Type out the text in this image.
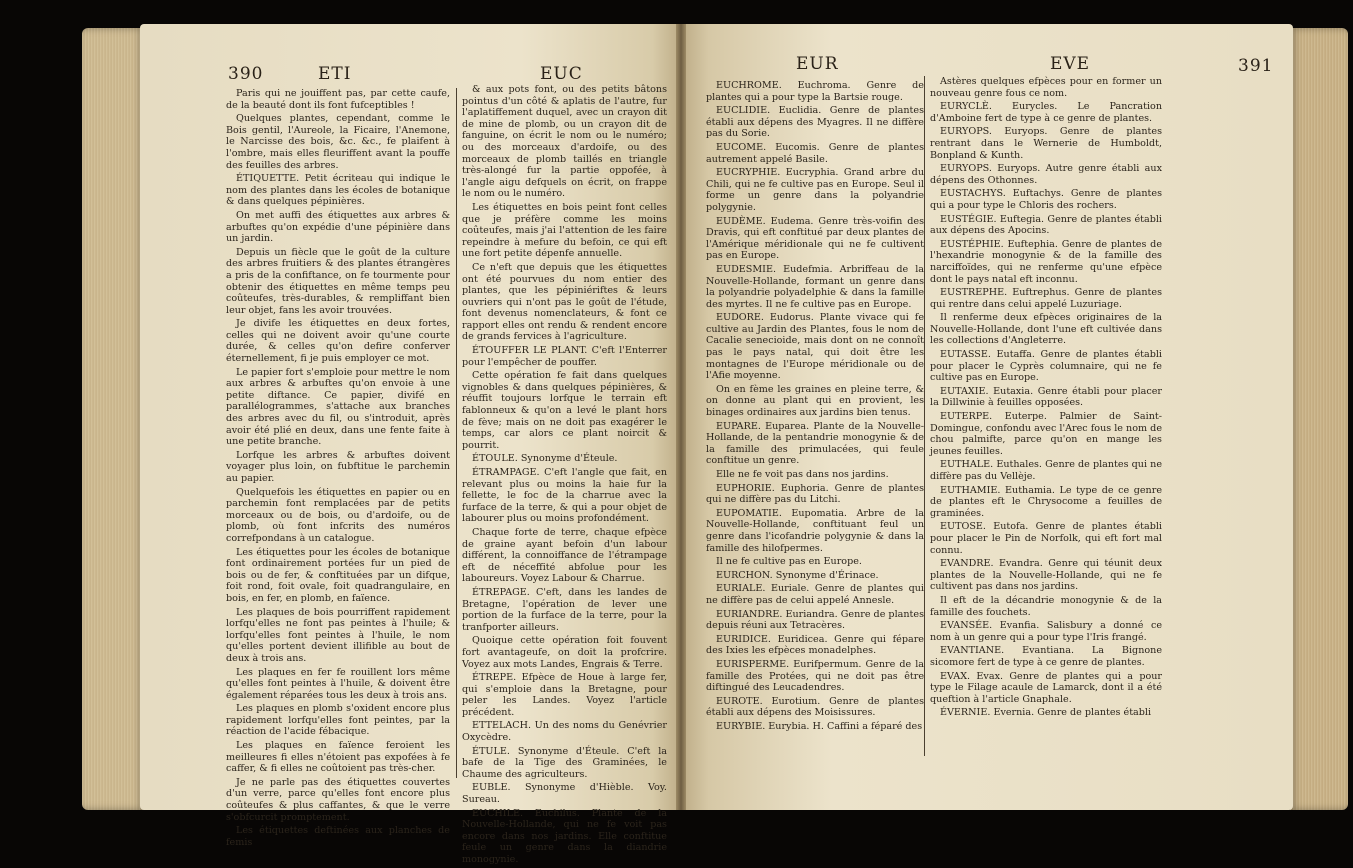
390	ETI	EUC

Paris qui ne jouiffent pas, par cette caufe, de la beauté dont ils font fufceptibles !

Quelques plantes, cependant, comme le Bois gentil, l'Aureole, la Ficaire, l'Anemone, le Narcisse des bois, &c. &c., fe plaifent à l'ombre, mais elles fleuriffent avant la pouffe des feuilles des arbres.

ÉTIQUETTE. Petit écriteau qui indique le nom des plantes dans les écoles de botanique & dans quelques pépinières.

On met auffi des étiquettes aux arbres & arbuftes qu'on expédie d'une pépinière dans un jardin.

Depuis un fiècle que le goût de la culture des arbres fruitiers & des plantes étrangères a pris de la confiftance, on fe tourmente pour obtenir des étiquettes en même temps peu coûteufes, très-durables, & rempliffant bien leur objet, fans les avoir trouvées.

Je divife les étiquettes en deux fortes, celles qui ne doivent avoir qu'une courte durée, & celles qu'on defire conferver éternellement, fi je puis employer ce mot.

Le papier fort s'emploie pour mettre le nom aux arbres & arbuftes qu'on envoie à une petite diftance. Ce papier, divifé en parallélogrammes, s'attache aux branches des arbres avec du fil, ou s'introduit, après avoir été plié en deux, dans une fente faite à une petite branche.

Lorfque les arbres & arbuftes doivent voyager plus loin, on fubftitue le parchemin au papier.

Quelquefois les étiquettes en papier ou en parchemin font remplacées par de petits morceaux ou de bois, ou d'ardoife, ou de plomb, où font infcrits des numéros correfpondans à un catalogue.

Les étiquettes pour les écoles de botanique font ordinairement portées fur un pied de bois ou de fer, & conftituées par un difque, foit rond, foit ovale, foit quadrangulaire, en bois, en fer, en plomb, en faïence.

Les plaques de bois pourriffent rapidement lorfqu'elles ne font pas peintes à l'huile; & lorfqu'elles font peintes à l'huile, le nom qu'elles portent devient illifible au bout de deux à trois ans.

Les plaques en fer fe rouillent lors même qu'elles font peintes à l'huile, & doivent être également réparées tous les deux à trois ans.

Les plaques en plomb s'oxident encore plus rapidement lorfqu'elles font peintes, par la réaction de l'acide fébacique.

Les plaques en faïence feroient les meilleures fi elles n'étoient pas expofées à fe caffer, & fi elles ne coûtoient pas très-cher.

Je ne parle pas des étiquettes couvertes d'un verre, parce qu'elles font encore plus coûteufes & plus caffantes, & que le verre s'obfcurcit promptement.

Les étiquettes deftinées aux planches de femis

& aux pots font, ou des petits bâtons pointus d'un côté & aplatis de l'autre, fur l'aplatiffement duquel, avec un crayon dit de mine de plomb, ou un crayon dit de fanguine, on écrit le nom ou le numéro; ou des morceaux d'ardoife, ou des morceaux de plomb taillés en triangle très-alongé fur la partie oppofée, à l'angle aigu defquels on écrit, on frappe le nom ou le numéro.

Les étiquettes en bois peint font celles que je préfère comme les moins coûteufes, mais j'ai l'attention de les faire repeindre à mefure du befoin, ce qui eft une fort petite dépenfe annuelle.

Ce n'eft que depuis que les étiquettes ont été pourvues du nom entier des plantes, que les pépiniériftes & leurs ouvriers qui n'ont pas le goût de l'étude, font devenus nomenclateurs, & font ce rapport elles ont rendu & rendent encore de grands fervices à l'agriculture.

ÉTOUFFER LE PLANT. C'eft l'Enterrer pour l'empêcher de pouffer.

Cette opération fe fait dans quelques vignobles & dans quelques pépinières, & réuffit toujours lorfque le terrain eft fablonneux & qu'on a levé le plant hors de fève; mais on ne doit pas exagérer le temps, car alors ce plant noircit & pourrit.

ÉTOULE. Synonyme d'Éteule.

ÉTRAMPAGE. C'eft l'angle que fait, en relevant plus ou moins la haie fur la fellette, le foc de la charrue avec la furface de la terre, & qui a pour objet de labourer plus ou moins profondément.

Chaque forte de terre, chaque efpèce de graine ayant befoin d'un labour différent, la connoiffance de l'étrampage eft de néceffité abfolue pour les laboureurs. Voyez Labour & Charrue.

ÉTREPAGE. C'eft, dans les landes de Bretagne, l'opération de lever une portion de la furface de la terre, pour la tranfporter ailleurs.

Quoique cette opération foit fouvent fort avantageufe, on doit la profcrire. Voyez aux mots Landes, Engrais & Terre.

ÉTREPE. Efpèce de Houe à large fer, qui s'emploie dans la Bretagne, pour peler les Landes. Voyez l'article précédent.

ETTELACH. Un des noms du Genévrier Oxycèdre.

ÉTULE. Synonyme d'Éteule. C'eft la bafe de la Tige des Graminées, le Chaume des agriculteurs.

EUBLE. Synonyme d'Hièble. Voy. Sureau.

EUCHILE. Euchilus. Plante de la Nouvelle-Hollande, qui ne fe voit pas encore dans nos jardins. Elle conftitue feule un genre dans la diandrie monogynie.

EUR	EVE	391

EUCHROME. Euchroma. Genre de plantes qui a pour type la Bartsie rouge.

EUCLIDIE. Euclidia. Genre de plantes établi aux dépens des Myagres. Il ne diffère pas du Sorie.

EUCOME. Eucomis. Genre de plantes autrement appelé Basile.

EUCRYPHIE. Eucryphia. Grand arbre du Chili, qui ne fe cultive pas en Europe. Seul il forme un genre dans la polyandrie polygynie.

EUDÈME. Eudema. Genre très-voifin des Dravis, qui eft conftitué par deux plantes de l'Amérique méridionale qui ne fe cultivent pas en Europe.

EUDESMIE. Eudefmia. Arbriffeau de la Nouvelle-Hollande, formant un genre dans la polyandrie polyadelphie & dans la famille des myrtes. Il ne fe cultive pas en Europe.

EUDORE. Eudorus. Plante vivace qui fe cultive au Jardin des Plantes, fous le nom de Cacalie senecioide, mais dont on ne connoît pas le pays natal, qui doit être les montagnes de l'Europe méridionale ou de l'Afie moyenne.

On en fème les graines en pleine terre, & on donne au plant qui en provient, les binages ordinaires aux jardins bien tenus.

EUPARE. Euparea. Plante de la Nouvelle-Hollande, de la pentandrie monogynie & de la famille des primulacées, qui feule conftitue un genre.

Elle ne fe voit pas dans nos jardins.

EUPHORIE. Euphoria. Genre de plantes qui ne diffère pas du Litchi.

EUPOMATIE. Eupomatia. Arbre de la Nouvelle-Hollande, conftituant feul un genre dans l'icofandrie polygynie & dans la famille des hilofpermes.

Il ne fe cultive pas en Europe.

EURCHON. Synonyme d'Érinace.

EURIALE. Euriale. Genre de plantes qui ne diffère pas de celui appelé Annesle.

EURIANDRE. Euriandra. Genre de plantes depuis réuni aux Tetracères.

EURIDICE. Euridicea. Genre qui fépare des Ixies les efpèces monadelphes.

EURISPERME. Eurifpermum. Genre de la famille des Protées, qui ne doit pas être diftingué des Leucadendres.

EUROTE. Eurotium. Genre de plantes établi aux dépens des Moisissures.

EURYBIE. Eurybia. H. Caffini a féparé des

Astères quelques efpèces pour en former un nouveau genre fous ce nom.

EURYCLÈ. Eurycles. Le Pancration d'Amboine fert de type à ce genre de plantes.

EURYOPS. Euryops. Genre de plantes rentrant dans le Wernerie de Humboldt, Bonpland & Kunth.

EURYOPS. Euryops. Autre genre établi aux dépens des Othonnes.

EUSTACHYS. Euftachys. Genre de plantes qui a pour type le Chloris des rochers.

EUSTÉGIE. Euftegia. Genre de plantes établi aux dépens des Apocins.

EUSTÉPHIE. Euftephia. Genre de plantes de l'hexandrie monogynie & de la famille des narciffoïdes, qui ne renferme qu'une efpèce dont le pays natal eft inconnu.

EUSTREPHE. Euftrephus. Genre de plantes qui rentre dans celui appelé Luzuriage.

Il renferme deux efpèces originaires de la Nouvelle-Hollande, dont l'une eft cultivée dans les collections d'Angleterre.

EUTASSE. Eutaffa. Genre de plantes établi pour placer le Cyprès columnaire, qui ne fe cultive pas en Europe.

EUTAXIE. Eutaxia. Genre établi pour placer la Dillwinie à feuilles opposées.

EUTERPE. Euterpe. Palmier de Saint-Domingue, confondu avec l'Arec fous le nom de chou palmifte, parce qu'on en mange les jeunes feuilles.

EUTHALE. Euthales. Genre de plantes qui ne diffère pas du Vellèje.

EUTHAMIE. Euthamia. Le type de ce genre de plantes eft le Chrysocome a feuilles de graminées.

EUTOSE. Eutofa. Genre de plantes établi pour placer le Pin de Norfolk, qui eft fort mal connu.

EVANDRE. Evandra. Genre qui téunit deux plantes de la Nouvelle-Hollande, qui ne fe cultivent pas dans nos jardins.

Il eft de la décandrie monogynie & de la famille des fouchets.

EVANSÉE. Evanfia. Salisbury a donné ce nom à un genre qui a pour type l'Iris frangé.

EVANTIANE. Evantiana. La Bignone sicomore fert de type à ce genre de plantes.

EVAX. Evax. Genre de plantes qui a pour type le Filage acaule de Lamarck, dont il a été queftion à l'article Gnaphale.

ÉVERNIE. Evernia. Genre de plantes établi
